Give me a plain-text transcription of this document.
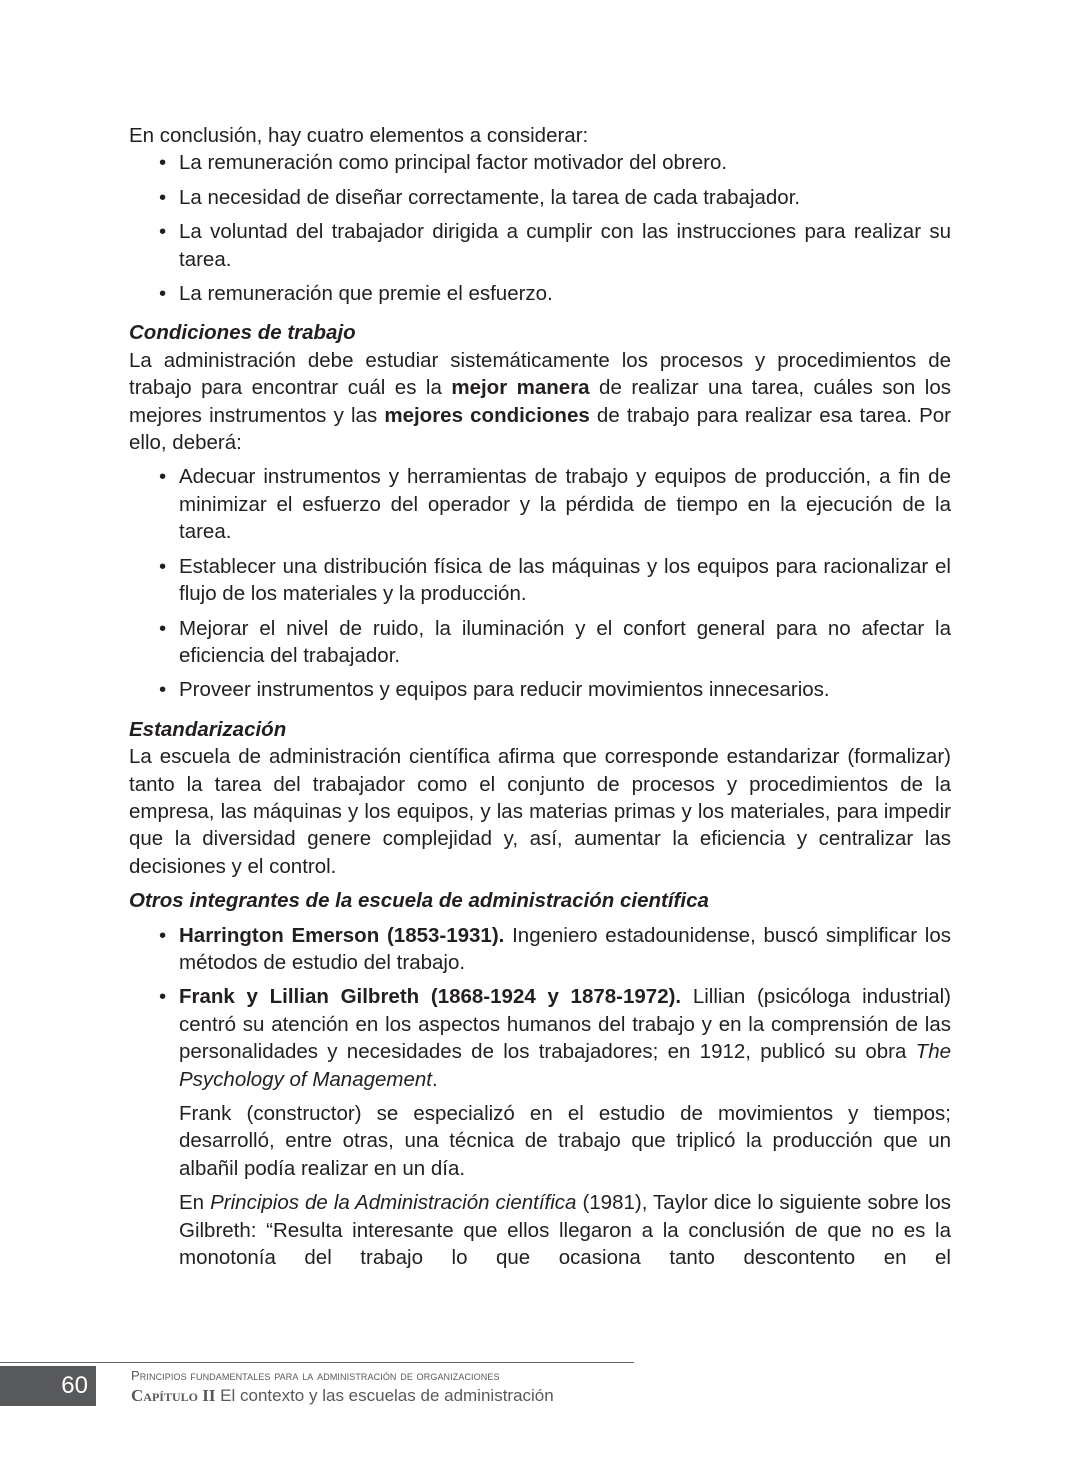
En conclusión, hay cuatro elementos a considerar:

• La remuneración como principal factor motivador del obrero.
• La necesidad de diseñar correctamente, la tarea de cada trabajador.
• La voluntad del trabajador dirigida a cumplir con las instrucciones para realizar su tarea.
• La remuneración que premie el esfuerzo.
Condiciones de trabajo

La administración debe estudiar sistemáticamente los procesos y procedimientos de trabajo para encontrar cuál es la mejor manera de realizar una tarea, cuáles son los mejores instrumentos y las mejores condiciones de trabajo para realizar esa tarea. Por ello, deberá:

• Adecuar instrumentos y herramientas de trabajo y equipos de producción, a fin de minimizar el esfuerzo del operador y la pérdida de tiempo en la ejecución de la tarea.
• Establecer una distribución física de las máquinas y los equipos para racionalizar el flujo de los materiales y la producción.
• Mejorar el nivel de ruido, la iluminación y el confort general para no afectar la eficiencia del trabajador.
• Proveer instrumentos y equipos para reducir movimientos innecesarios.
Estandarización

La escuela de administración científica afirma que corresponde estandarizar (formalizar) tanto la tarea del trabajador como el conjunto de procesos y procedimientos de la empresa, las máquinas y los equipos, y las materias primas y los materiales, para impedir que la diversidad genere complejidad y, así, aumentar la eficiencia y centralizar las decisiones y el control.

Otros integrantes de la escuela de administración científica
• Harrington Emerson (1853-1931). Ingeniero estadounidense, buscó simplificar los métodos de estudio del trabajo.
• Frank y Lillian Gilbreth (1868-1924 y 1878-1972). Lillian (psicóloga industrial) centró su atención en los aspectos humanos del trabajo y en la comprensión de las personalidades y necesidades de los trabajadores; en 1912, publicó su obra The Psychology of Management.

Frank (constructor) se especializó en el estudio de movimientos y tiempos; desarrolló, entre otras, una técnica de trabajo que triplicó la producción que un albañil podía realizar en un día.

En Principios de la Administración científica (1981), Taylor dice lo siguiente sobre los Gilbreth: “Resulta interesante que ellos llegaron a la conclusión de que no es la monotonía del trabajo lo que ocasiona tanto descontento en el

60	Principios fundamentales para la administración de organizaciones
Capítulo II El contexto y las escuelas de administración
